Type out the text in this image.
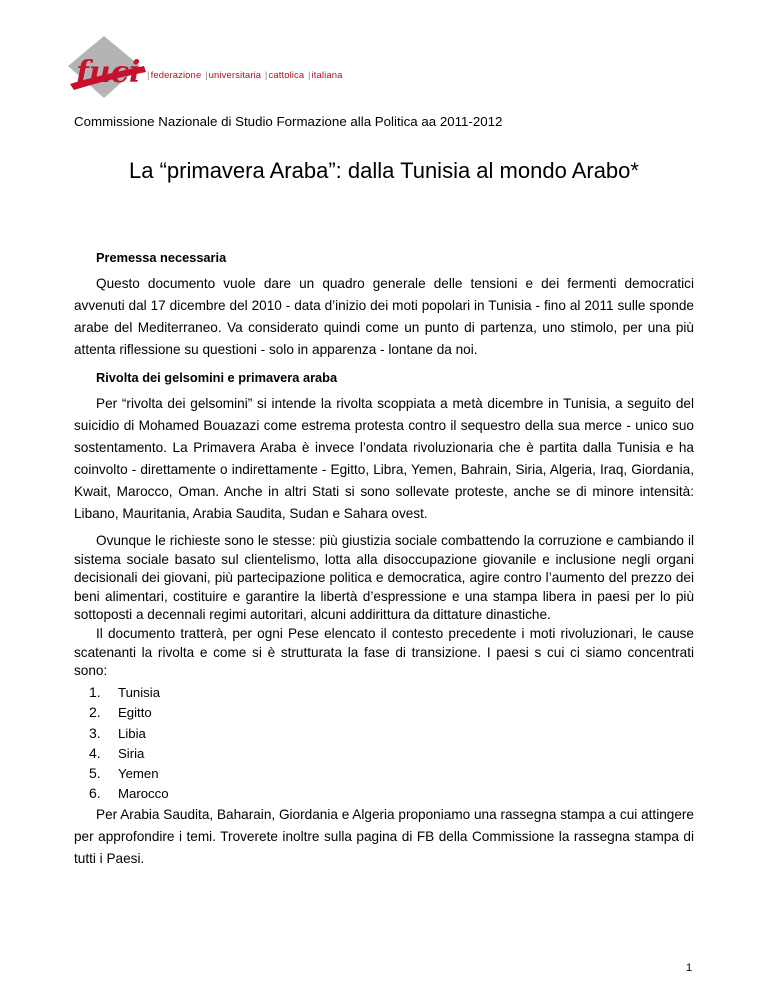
fuci |federazione |universitaria |cattolica |italiana
Commissione Nazionale di Studio Formazione alla Politica aa 2011-2012
La “primavera Araba”: dalla Tunisia al mondo Arabo*
Premessa necessaria

Questo documento vuole dare un quadro generale delle tensioni e dei fermenti democratici avvenuti dal 17 dicembre del 2010 - data d’inizio dei moti popolari in Tunisia - fino al 2011 sulle sponde arabe del Mediterraneo. Va considerato quindi come un punto di partenza, uno stimolo, per una più attenta riflessione su questioni - solo in apparenza - lontane da noi.

Rivolta dei gelsomini e primavera araba

Per “rivolta dei gelsomini” si intende la rivolta scoppiata a metà dicembre in Tunisia, a seguito del suicidio di Mohamed Bouazazi come estrema protesta contro il sequestro della sua merce - unico suo sostentamento. La Primavera Araba è invece l’ondata rivoluzionaria che è partita dalla Tunisia e ha coinvolto - direttamente o indirettamente - Egitto, Libra, Yemen, Bahrain, Siria, Algeria, Iraq, Giordania, Kwait, Marocco, Oman. Anche in altri Stati si sono sollevate proteste, anche se di minore intensità: Libano, Mauritania, Arabia Saudita, Sudan e Sahara ovest.

Ovunque le richieste sono le stesse: più giustizia sociale combattendo la corruzione e cambiando il sistema sociale basato sul clientelismo, lotta alla disoccupazione giovanile e inclusione negli organi decisionali dei giovani, più partecipazione politica e democratica, agire contro l’aumento del prezzo dei beni alimentari, costituire e garantire la libertà d’espressione e una stampa libera in paesi per lo più sottoposti a decennali regimi autoritari, alcuni addirittura da dittature dinastiche.

Il documento tratterà, per ogni Pese elencato il contesto precedente i moti rivoluzionari, le cause scatenanti la rivolta e come si è strutturata la fase di transizione. I paesi s cui ci siamo concentrati sono:

1. Tunisia
2. Egitto
3. Libia
4. Siria
5. Yemen
6. Marocco

Per Arabia Saudita, Baharain, Giordania e Algeria proponiamo una rassegna stampa a cui attingere per approfondire i temi. Troverete inoltre sulla pagina di FB della Commissione la rassegna stampa di tutti i Paesi.

1
